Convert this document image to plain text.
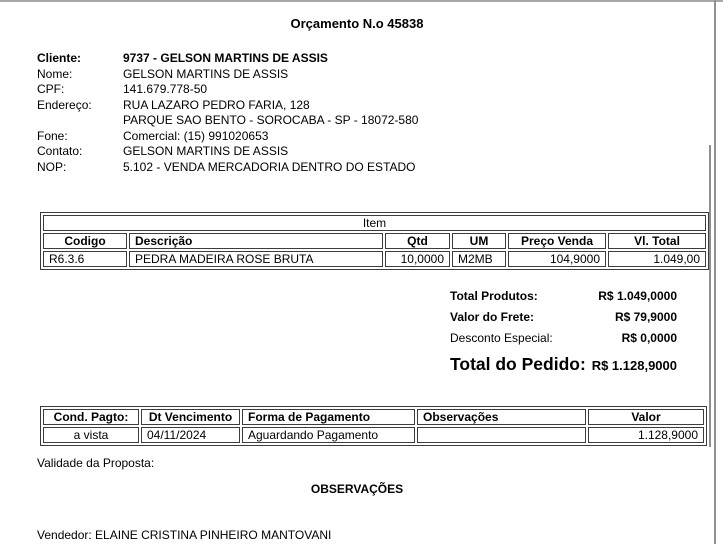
Orçamento N.o 45838
Cliente:	9737 - GELSON MARTINS DE ASSIS
Nome:	GELSON MARTINS DE ASSIS
CPF:	141.679.778-50
Endereço:	RUA LAZARO PEDRO FARIA, 128
PARQUE SAO BENTO - SOROCABA - SP - 18072-580
Fone:	Comercial: (15) 991020653
Contato:	GELSON MARTINS DE ASSIS
NOP:	5.102 - VENDA MERCADORIA DENTRO DO ESTADO
Item					
Codigo	Descrição	Qtd	UM	Preço Venda	Vl. Total
R6.3.6	PEDRA MADEIRA ROSE BRUTA	10,0000	M2MB	104,9000	1.049,00
Total Produtos:	R$ 1.049,0000
Valor do Frete:	R$ 79,9000
Desconto Especial:	R$ 0,0000
Total do Pedido: R$ 1.128,9000
Cond. Pagto:	Dt Vencimento	Forma de Pagamento	Observações	Valor
a vista	04/11/2024	Aguardando Pagamento		1.128,9000
Validade da Proposta:
OBSERVAÇÕES
Vendedor: ELAINE CRISTINA PINHEIRO MANTOVANI
